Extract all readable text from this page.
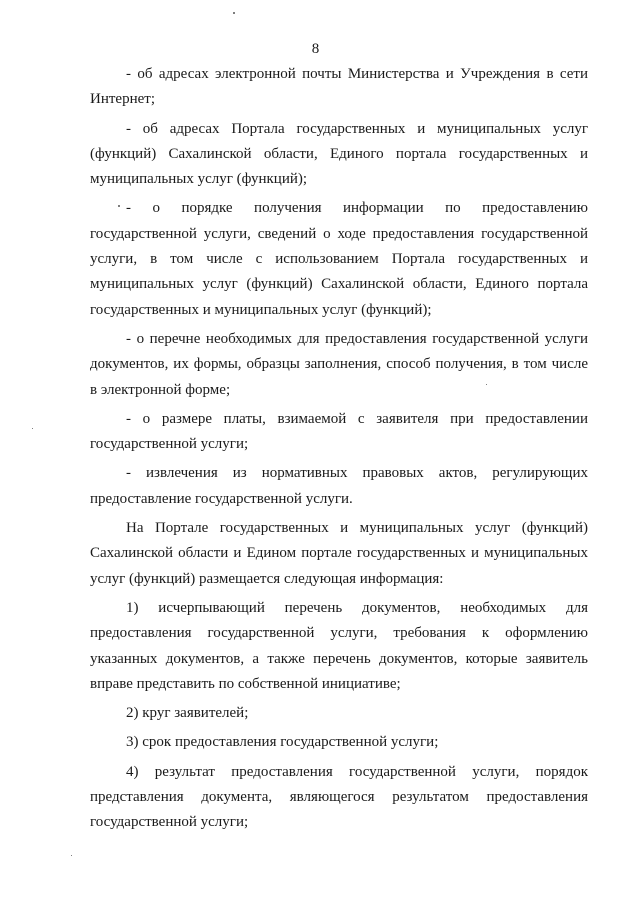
8

- об адресах электронной почты Министерства и Учреждения в сети Интернет;

- об адресах Портала государственных и муниципальных услуг (функций) Сахалинской области, Единого портала государственных и муниципальных услуг (функций);

- о порядке получения информации по предоставлению государственной услуги, сведений о ходе предоставления государственной услуги, в том числе с использованием Портала государственных и муниципальных услуг (функций) Сахалинской области, Единого портала государственных и муниципальных услуг (функций);

- о перечне необходимых для предоставления государственной услуги документов, их формы, образцы заполнения, способ получения, в том числе в электронной форме;

- о размере платы, взимаемой с заявителя при предоставлении государственной услуги;

- извлечения из нормативных правовых актов, регулирующих предоставление государственной услуги.

На Портале государственных и муниципальных услуг (функций) Сахалинской области и Едином портале государственных и муниципальных услуг (функций) размещается следующая информация:

1) исчерпывающий перечень документов, необходимых для предоставления государственной услуги, требования к оформлению указанных документов, а также перечень документов, которые заявитель вправе представить по собственной инициативе;

2) круг заявителей;

3) срок предоставления государственной услуги;

4) результат предоставления государственной услуги, порядок представления документа, являющегося результатом предоставления государственной услуги;
